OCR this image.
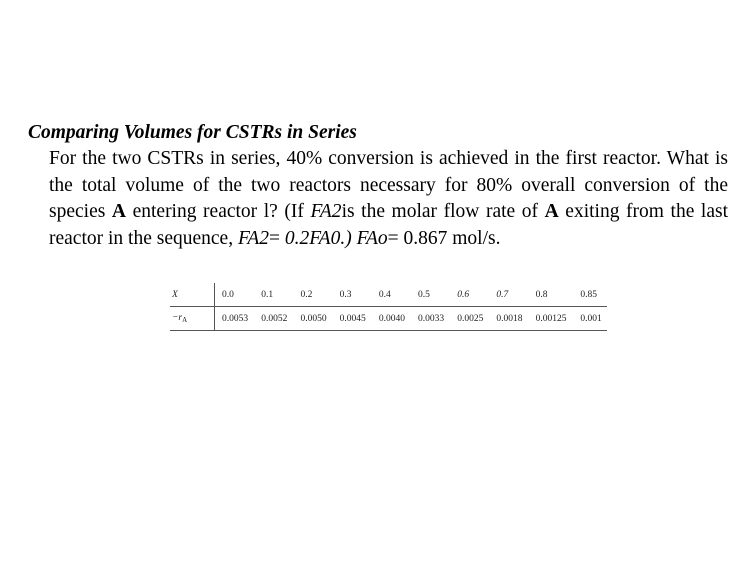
Comparing Volumes for CSTRs in Series
For the two CSTRs in series, 40% conversion is achieved in the first reactor. What is the total volume of the two reactors necessary for 80% overall conversion of the species A entering reactor l? (If FA2is the molar flow rate of A exiting from the last reactor in the sequence, FA2= 0.2FA0.) FAo= 0.867 mol/s.
X	0.0	0.1	0.2	0.3	0.4	0.5	0.6	0.7	0.8	0.85
$-r_A$	0.0053	0.0052	0.0050	0.0045	0.0040	0.0033	0.0025	0.0018	0.00125	0.001
